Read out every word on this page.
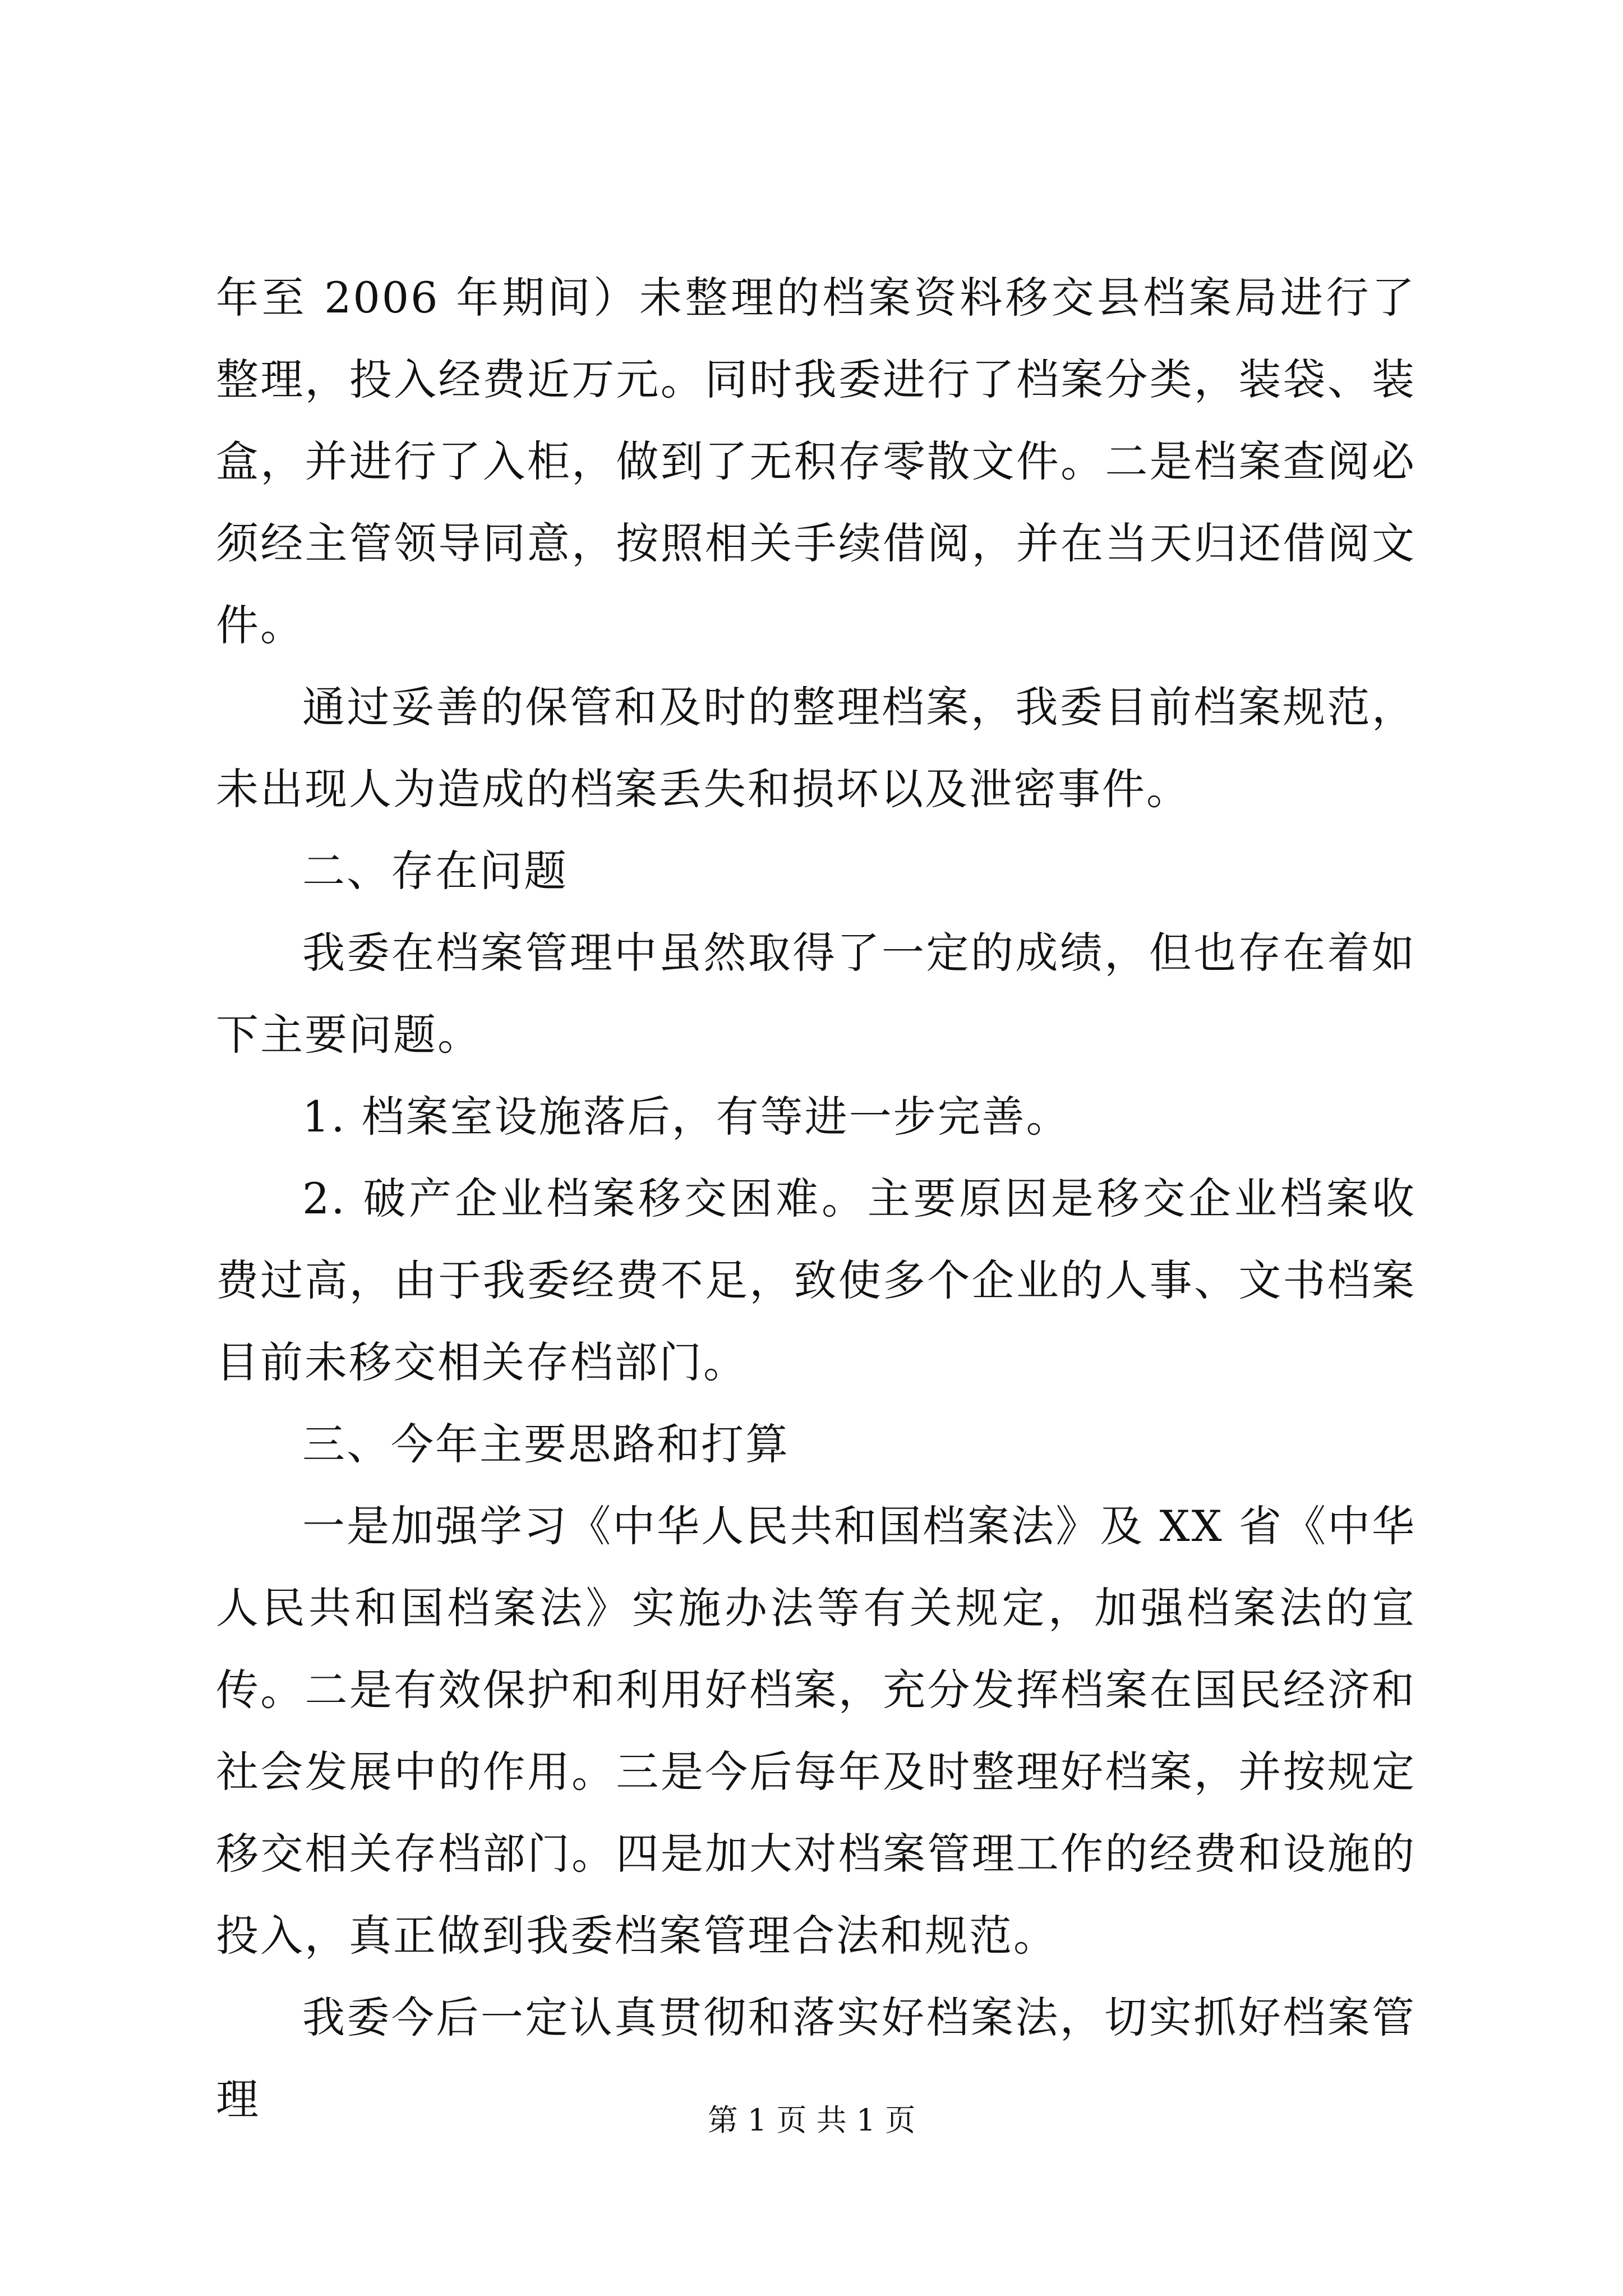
年至 2006 年期间）未整理的档案资料移交县档案局进行了整理，投入经费近万元。同时我委进行了档案分类，装袋、装盒，并进行了入柜，做到了无积存零散文件。二是档案查阅必须经主管领导同意，按照相关手续借阅，并在当天归还借阅文件。

通过妥善的保管和及时的整理档案，我委目前档案规范，未出现人为造成的档案丢失和损坏以及泄密事件。

二、存在问题

我委在档案管理中虽然取得了一定的成绩，但也存在着如下主要问题。

1. 档案室设施落后，有等进一步完善。

2. 破产企业档案移交困难。主要原因是移交企业档案收费过高，由于我委经费不足，致使多个企业的人事、文书档案目前未移交相关存档部门。

三、今年主要思路和打算

一是加强学习《中华人民共和国档案法》及 XX 省《中华人民共和国档案法》实施办法等有关规定，加强档案法的宣传。二是有效保护和利用好档案，充分发挥档案在国民经济和社会发展中的作用。三是今后每年及时整理好档案，并按规定移交相关存档部门。四是加大对档案管理工作的经费和设施的投入，真正做到我委档案管理合法和规范。

我委今后一定认真贯彻和落实好档案法，切实抓好档案管理	第 1 页 共 1 页
